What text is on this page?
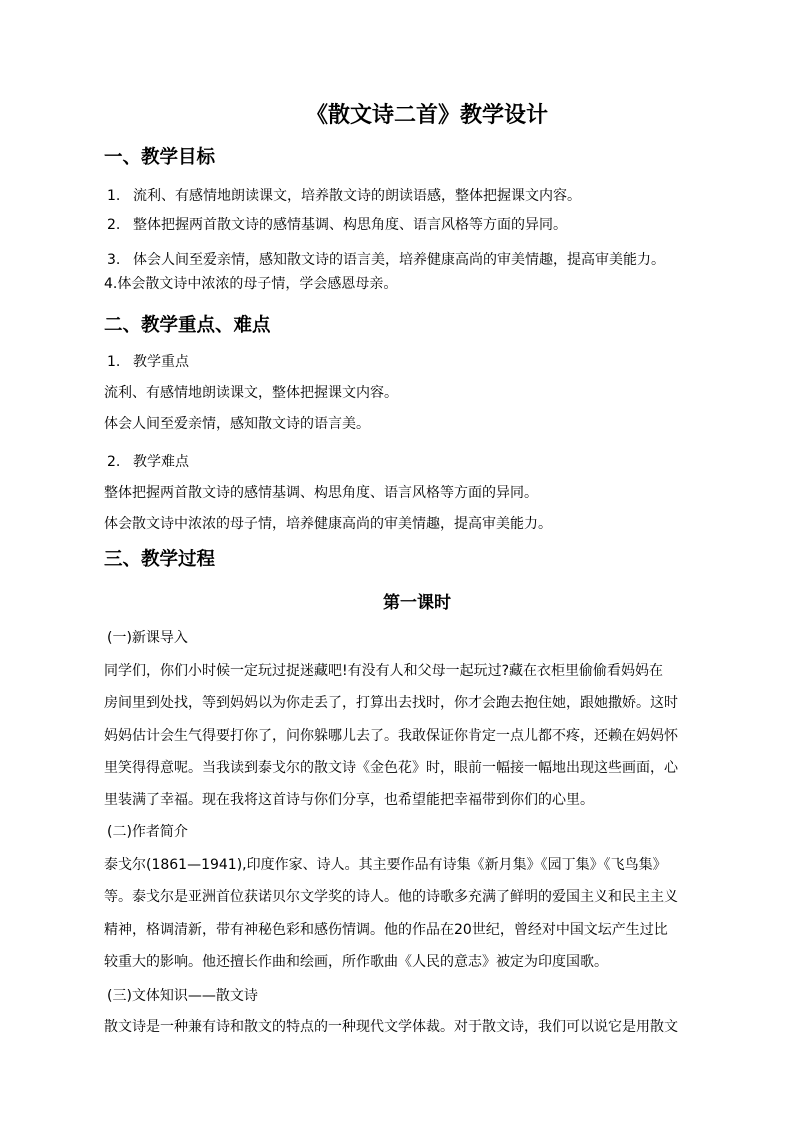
《散文诗二首》教学设计
一、教学目标
1. 流利、有感情地朗读课文，培养散文诗的朗读语感，整体把握课文内容。
2. 整体把握两首散文诗的感情基调、构思角度、语言风格等方面的异同。
3. 体会人间至爱亲情，感知散文诗的语言美，培养健康高尚的审美情趣，提高审美能力。
4.体会散文诗中浓浓的母子情，学会感恩母亲。
二、教学重点、难点
1. 教学重点
流利、有感情地朗读课文，整体把握课文内容。
体会人间至爱亲情，感知散文诗的语言美。
2. 教学难点
整体把握两首散文诗的感情基调、构思角度、语言风格等方面的异同。
体会散文诗中浓浓的母子情，培养健康高尚的审美情趣，提高审美能力。
三、教学过程
第一课时
(一)新课导入
同学们，你们小时候一定玩过捉迷藏吧!有没有人和父母一起玩过?藏在衣柜里偷偷看妈妈在
房间里到处找，等到妈妈以为你走丢了，打算出去找时，你才会跑去抱住她，跟她撒娇。这时
妈妈估计会生气得要打你了，问你躲哪儿去了。我敢保证你肯定一点儿都不疼，还赖在妈妈怀
里笑得得意呢。当我读到泰戈尔的散文诗《金色花》时，眼前一幅接一幅地出现这些画面，心
里装满了幸福。现在我将这首诗与你们分享，也希望能把幸福带到你们的心里。
(二)作者简介
泰戈尔(1861—1941),印度作家、诗人。其主要作品有诗集《新月集》《园丁集》《飞鸟集》
等。泰戈尔是亚洲首位获诺贝尔文学奖的诗人。他的诗歌多充满了鲜明的爱国主义和民主主义
精神，格调清新，带有神秘色彩和感伤情调。他的作品在20世纪，曾经对中国文坛产生过比
较重大的影响。他还擅长作曲和绘画，所作歌曲《人民的意志》被定为印度国歌。
(三)文体知识——散文诗
散文诗是一种兼有诗和散文的特点的一种现代文学体裁。对于散文诗，我们可以说它是用散文
